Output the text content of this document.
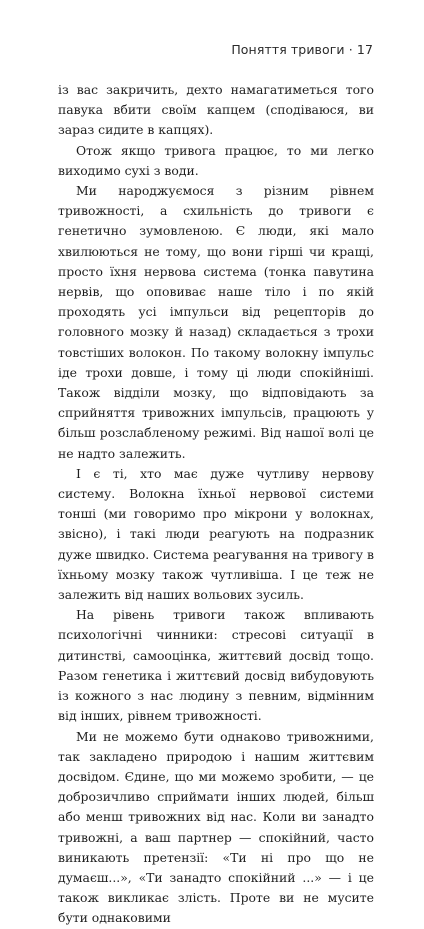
Поняття тривоги · 17

із вас закричить, дехто намагатиметься того павука вбити своїм капцем (сподіваюся, ви зараз сидите в капцях).

Отож якщо тривога працює, то ми легко виходимо сухі з води.

Ми народжуємося з різним рівнем тривожності, а схильність до тривоги є генетично зумовленою. Є люди, які мало хвилюються не тому, що вони гірші чи кращі, просто їхня нервова система (тонка павутина нервів, що оповиває наше тіло і по якій проходять усі імпульси від рецепторів до головного мозку й назад) складається з трохи товстіших волокон. По такому волокну імпульс іде трохи довше, і тому ці люди спокійніші. Також відділи мозку, що відповідають за сприйняття тривожних імпульсів, працюють у більш розслабленому режимі. Від нашої волі це не надто залежить.

І є ті, хто має дуже чутливу нервову систему. Волокна їхньої нервової системи тонші (ми говоримо про мікрони у волокнах, звісно), і такі люди реагують на подразник дуже швидко. Система реагування на тривогу в їхньому мозку також чутливіша. І це теж не залежить від наших вольових зусиль.

На рівень тривоги також впливають психологічні чинники: стресові ситуації в дитинстві, самооцінка, життєвий досвід тощо. Разом генетика і життєвий досвід вибудовують із кожного з нас людину з певним, відмінним від інших, рівнем тривожності.

Ми не можемо бути однаково тривожними, так закладено природою і нашим життєвим досвідом. Єдине, що ми можемо зробити, — це доброзичливо сприймати інших людей, більш або менш тривожних від нас. Коли ви занадто тривожні, а ваш партнер — спокійний, часто виникають претензії: «Ти ні про що не думаєш...», «Ти занадто спокійний ...» — і це також викликає злість. Проте ви не мусите бути однаковими
